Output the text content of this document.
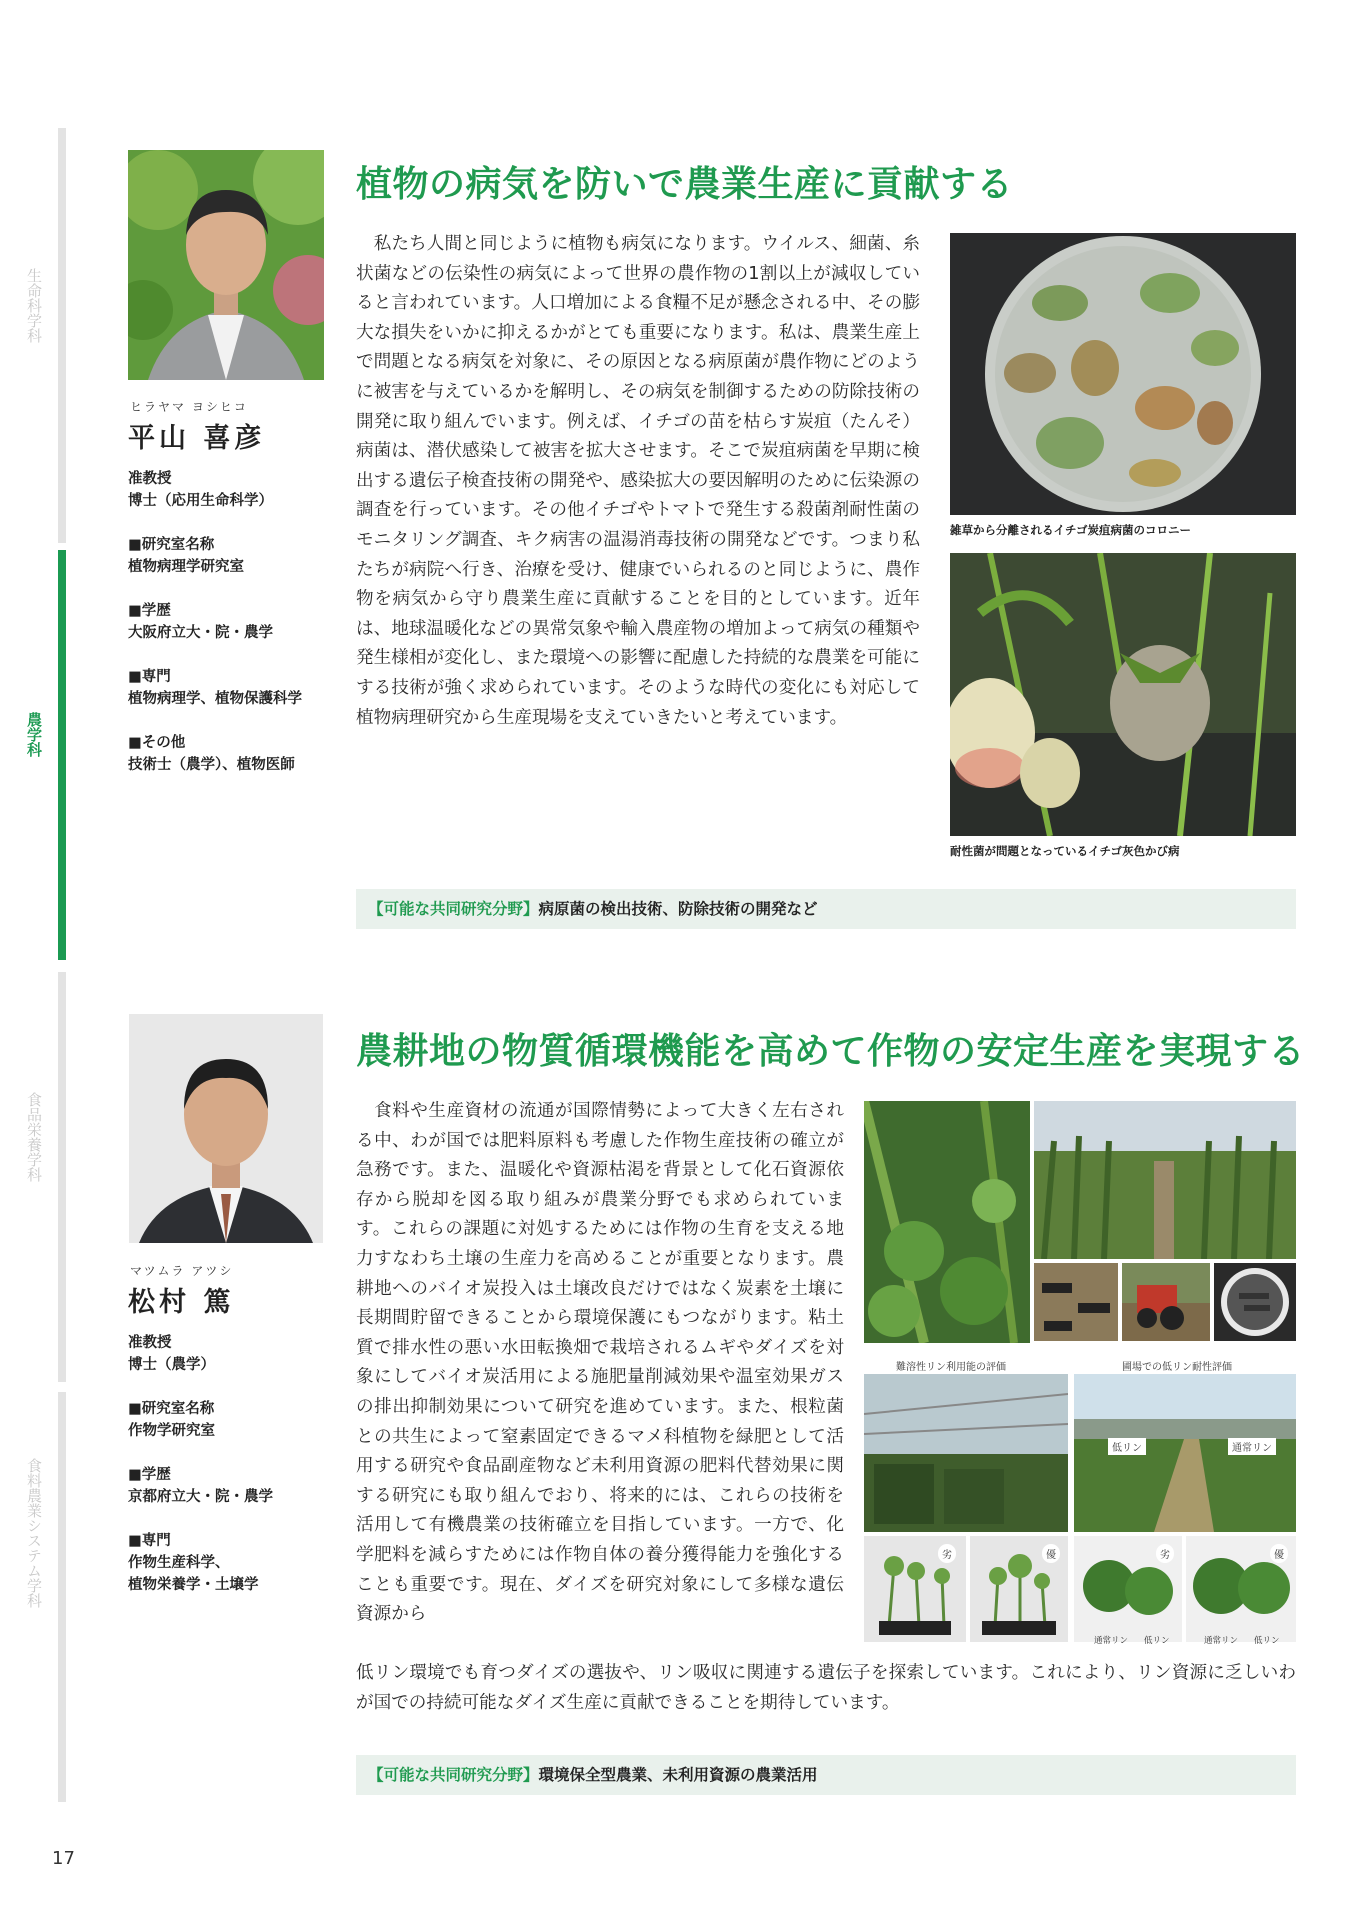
生命科学科
農学科
食品栄養学科
食料農業システム学科
ヒラヤマ ヨシヒコ
平山 喜彦
准教授
博士（応用生命科学）
■研究室名称
植物病理学研究室
■学歴
大阪府立大・院・農学
■専門
植物病理学、植物保護科学
■その他
技術士（農学）、植物医師
植物の病気を防いで農業生産に貢献する
　私たち人間と同じように植物も病気になります。ウイルス、細菌、糸状菌などの伝染性の病気によって世界の農作物の1割以上が減収していると言われています。人口増加による食糧不足が懸念される中、その膨大な損失をいかに抑えるかがとても重要になります。私は、農業生産上で問題となる病気を対象に、その原因となる病原菌が農作物にどのように被害を与えているかを解明し、その病気を制御するための防除技術の開発に取り組んでいます。例えば、イチゴの苗を枯らす炭疽（たんそ）病菌は、潜伏感染して被害を拡大させます。そこで炭疽病菌を早期に検出する遺伝子検査技術の開発や、感染拡大の要因解明のために伝染源の調査を行っています。その他イチゴやトマトで発生する殺菌剤耐性菌のモニタリング調査、キク病害の温湯消毒技術の開発などです。つまり私たちが病院へ行き、治療を受け、健康でいられるのと同じように、農作物を病気から守り農業生産に貢献することを目的としています。近年は、地球温暖化などの異常気象や輸入農産物の増加よって病気の種類や発生様相が変化し、また環境への影響に配慮した持続的な農業を可能にする技術が強く求められています。そのような時代の変化にも対応して植物病理研究から生産現場を支えていきたいと考えています。
雑草から分離されるイチゴ炭疽病菌のコロニー
耐性菌が問題となっているイチゴ灰色かび病
【可能な共同研究分野】病原菌の検出技術、防除技術の開発など
マツムラ アツシ
松村 篤
准教授
博士（農学）
■研究室名称
作物学研究室
■学歴
京都府立大・院・農学
■専門
作物生産科学、
植物栄養学・土壌学
農耕地の物質循環機能を高めて作物の安定生産を実現する
　食料や生産資材の流通が国際情勢によって大きく左右される中、わが国では肥料原料も考慮した作物生産技術の確立が急務です。また、温暖化や資源枯渇を背景として化石資源依存から脱却を図る取り組みが農業分野でも求められています。これらの課題に対処するためには作物の生育を支える地力すなわち土壌の生産力を高めることが重要となります。農耕地へのバイオ炭投入は土壌改良だけではなく炭素を土壌に長期間貯留できることから環境保護にもつながります。粘土質で排水性の悪い水田転換畑で栽培されるムギやダイズを対象にしてバイオ炭活用による施肥量削減効果や温室効果ガスの排出抑制効果について研究を進めています。また、根粒菌との共生によって窒素固定できるマメ科植物を緑肥として活用する研究や食品副産物など未利用資源の肥料代替効果に関する研究にも取り組んでおり、将来的には、これらの技術を活用して有機農業の技術確立を目指しています。一方で、化学肥料を減らすためには作物自体の養分獲得能力を強化することも重要です。現在、ダイズを研究対象にして多様な遺伝資源から
低リン環境でも育つダイズの選抜や、リン吸収に関連する遺伝子を探索しています。これにより、リン資源に乏しいわが国での持続可能なダイズ生産に貢献できることを期待しています。
難溶性リン利用能の評価	圃場での低リン耐性評価
低リン	通常リン
劣	優	劣	優
通常リン 低リン	通常リン 低リン
【可能な共同研究分野】環境保全型農業、未利用資源の農業活用
17
